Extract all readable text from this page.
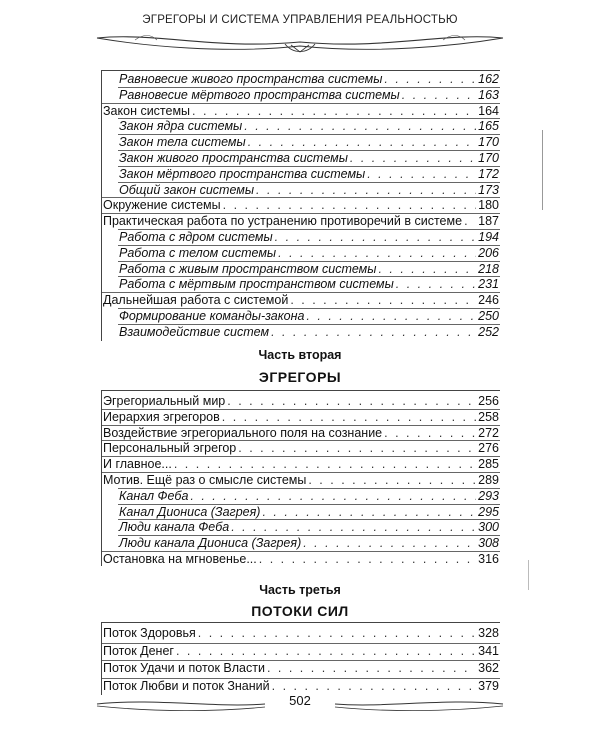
ЭГРЕГОРЫ И СИСТЕМА УПРАВЛЕНИЯ РЕАЛЬНОСТЬЮ
Равновесие живого пространства системы . . .	162
Равновесие мёртвого пространства системы . . .	163
Закон системы . . .	164
Закон ядра системы . . .	165
Закон тела системы . . .	170
Закон живого пространства системы . . .	170
Закон мёртвого пространства системы . . .	172
Общий закон системы . . .	173
Окружение системы . . .	180
Практическая работа по устранению противоречий в системе . . . 187
Работа с ядром системы . . .	194
Работа с телом системы . . .	206
Работа с живым пространством системы . . .	218
Работа с мёртвым пространством системы . . .	231
Дальнейшая работа с системой . . .	246
Формирование команды-закона . . .	250
Взаимодействие систем . . .	252
Часть вторая
ЭГРЕГОРЫ
Эгрегориальный мир . . .	256
Иерархия эгрегоров . . .	258
Воздействие эгрегориального поля на сознание . . .	272
Персональный эгрегор . . .	276
И главное... . . .	285
Мотив. Ещё раз о смысле системы . . .	289
Канал Феба . . .	293
Канал Диониса (Загрея) . . .	295
Люди канала Феба . . .	300
Люди канала Диониса (Загрея) . . .	308
Остановка на мгновенье... . . .	316
Часть третья
ПОТОКИ СИЛ
Поток Здоровья . . .	328
Поток Денег . . .	341
Поток Удачи и поток Власти . . .	362
Поток Любви и поток Знаний . . .	379
502
